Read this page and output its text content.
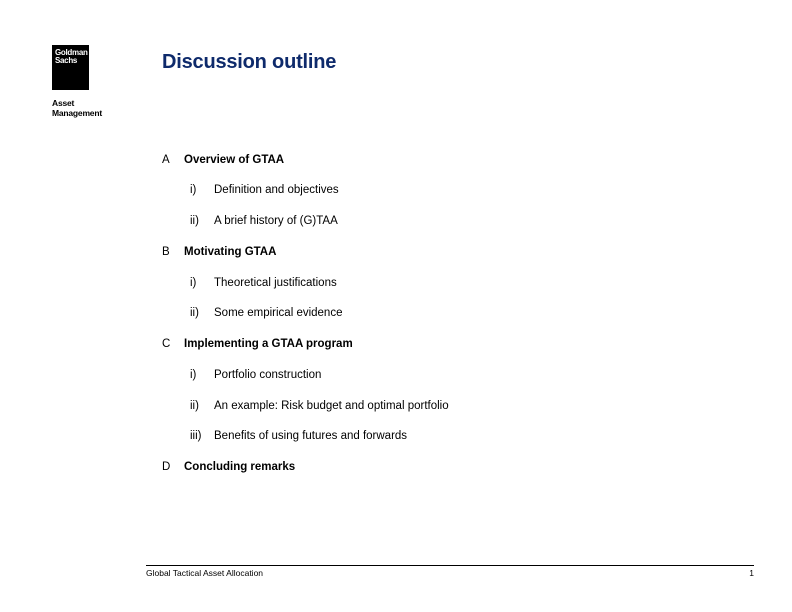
Goldman
Sachs
Asset
Management
Discussion outline
A Overview of GTAA
i) Definition and objectives
ii) A brief history of (G)TAA
B Motivating GTAA
i) Theoretical justifications
ii) Some empirical evidence
C Implementing a GTAA program
i) Portfolio construction
ii) An example: Risk budget and optimal portfolio
iii) Benefits of using futures and forwards
D Concluding remarks
Global Tactical Asset Allocation	1
